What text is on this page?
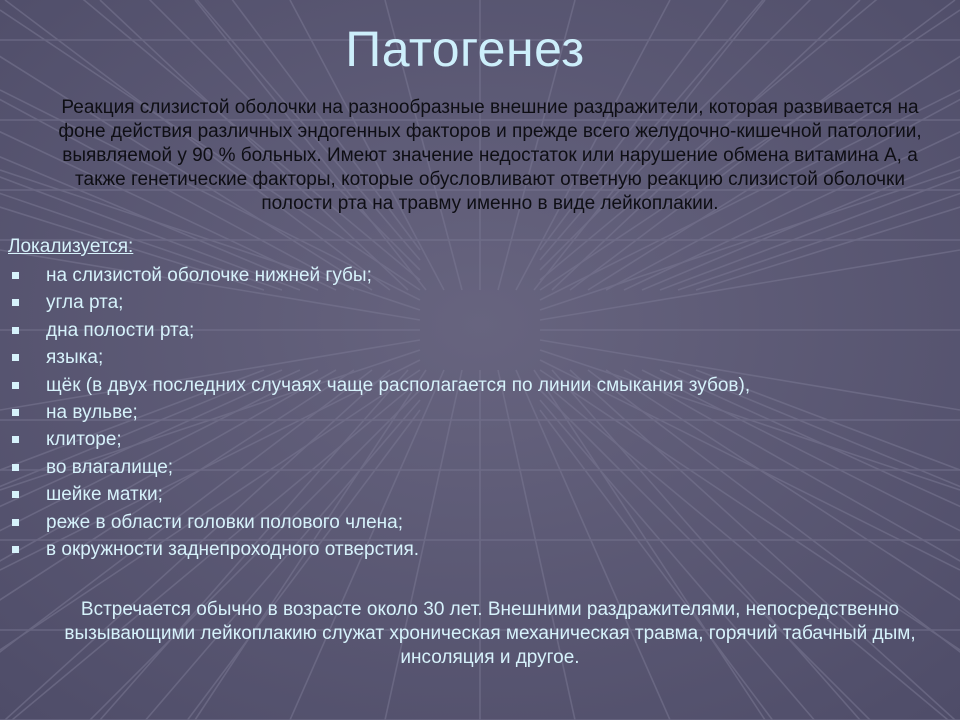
Патогенез

Реакция слизистой оболочки на разнообразные внешние раздражители, которая развивается на фоне действия различных эндогенных факторов и прежде всего желудочно-кишечной патологии, выявляемой у 90 % больных. Имеют значение недостаток или нарушение обмена витамина А, а также генетические факторы, которые обусловливают ответную реакцию слизистой оболочки полости рта на травму именно в виде лейкоплакии.

Локализуется:
на слизистой оболочке нижней губы;
угла рта;
дна полости рта;
языка;
щёк (в двух последних случаях чаще располагается по линии смыкания зубов),
на вульве;
клиторе;
во влагалище;
шейке матки;
реже в области головки полового члена;
в окружности заднепроходного отверстия.
Встречается обычно в возрасте около 30 лет. Внешними раздражителями, непосредственно вызывающими лейкоплакию служат хроническая механическая травма, горячий табачный дым, инсоляция и другое.
